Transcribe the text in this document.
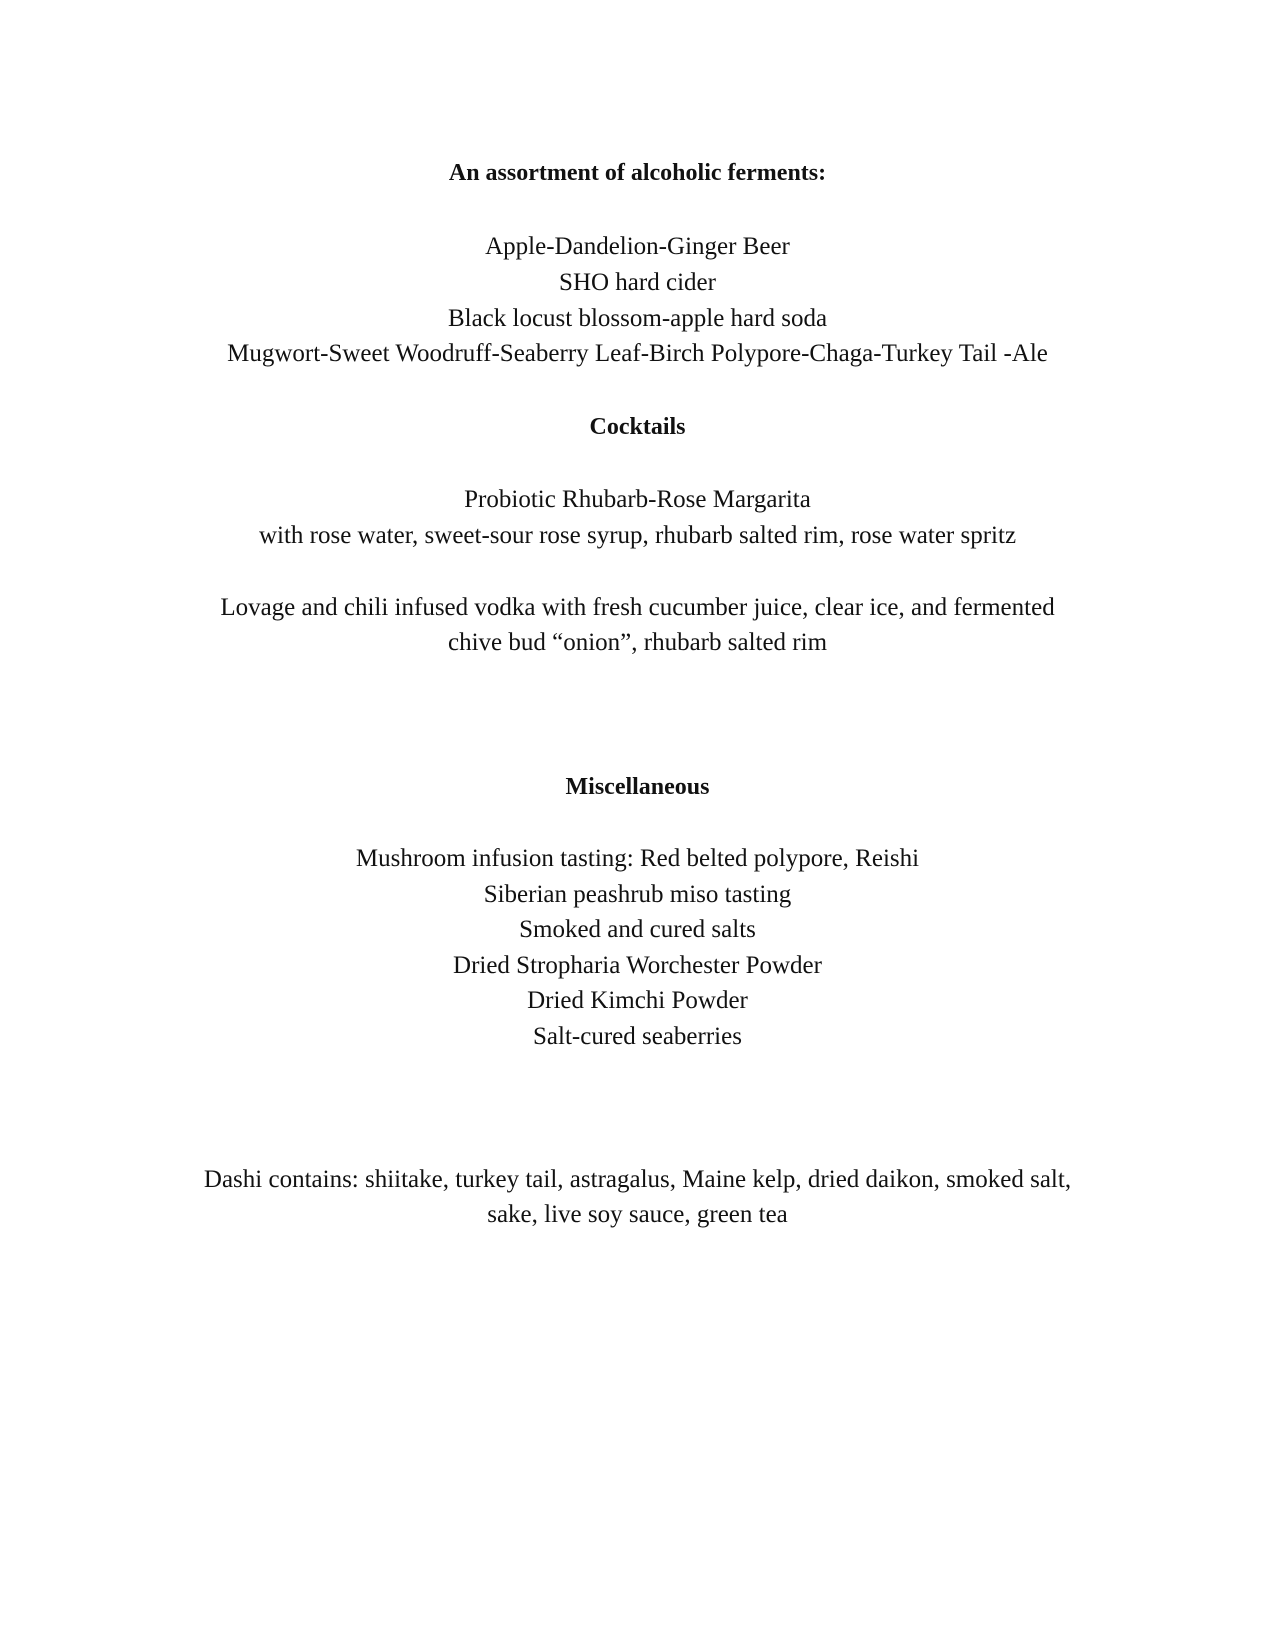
An assortment of alcoholic ferments:
Apple-Dandelion-Ginger Beer
SHO hard cider
Black locust blossom-apple hard soda
Mugwort-Sweet Woodruff-Seaberry Leaf-Birch Polypore-Chaga-Turkey Tail -Ale
Cocktails
Probiotic Rhubarb-Rose Margarita
with rose water, sweet-sour rose syrup, rhubarb salted rim, rose water spritz
Lovage and chili infused vodka with fresh cucumber juice, clear ice, and fermented
chive bud “onion”, rhubarb salted rim
Miscellaneous
Mushroom infusion tasting: Red belted polypore, Reishi
Siberian peashrub miso tasting
Smoked and cured salts
Dried Stropharia Worchester Powder
Dried Kimchi Powder
Salt-cured seaberries
Dashi contains: shiitake, turkey tail, astragalus, Maine kelp, dried daikon, smoked salt,
sake, live soy sauce, green tea
